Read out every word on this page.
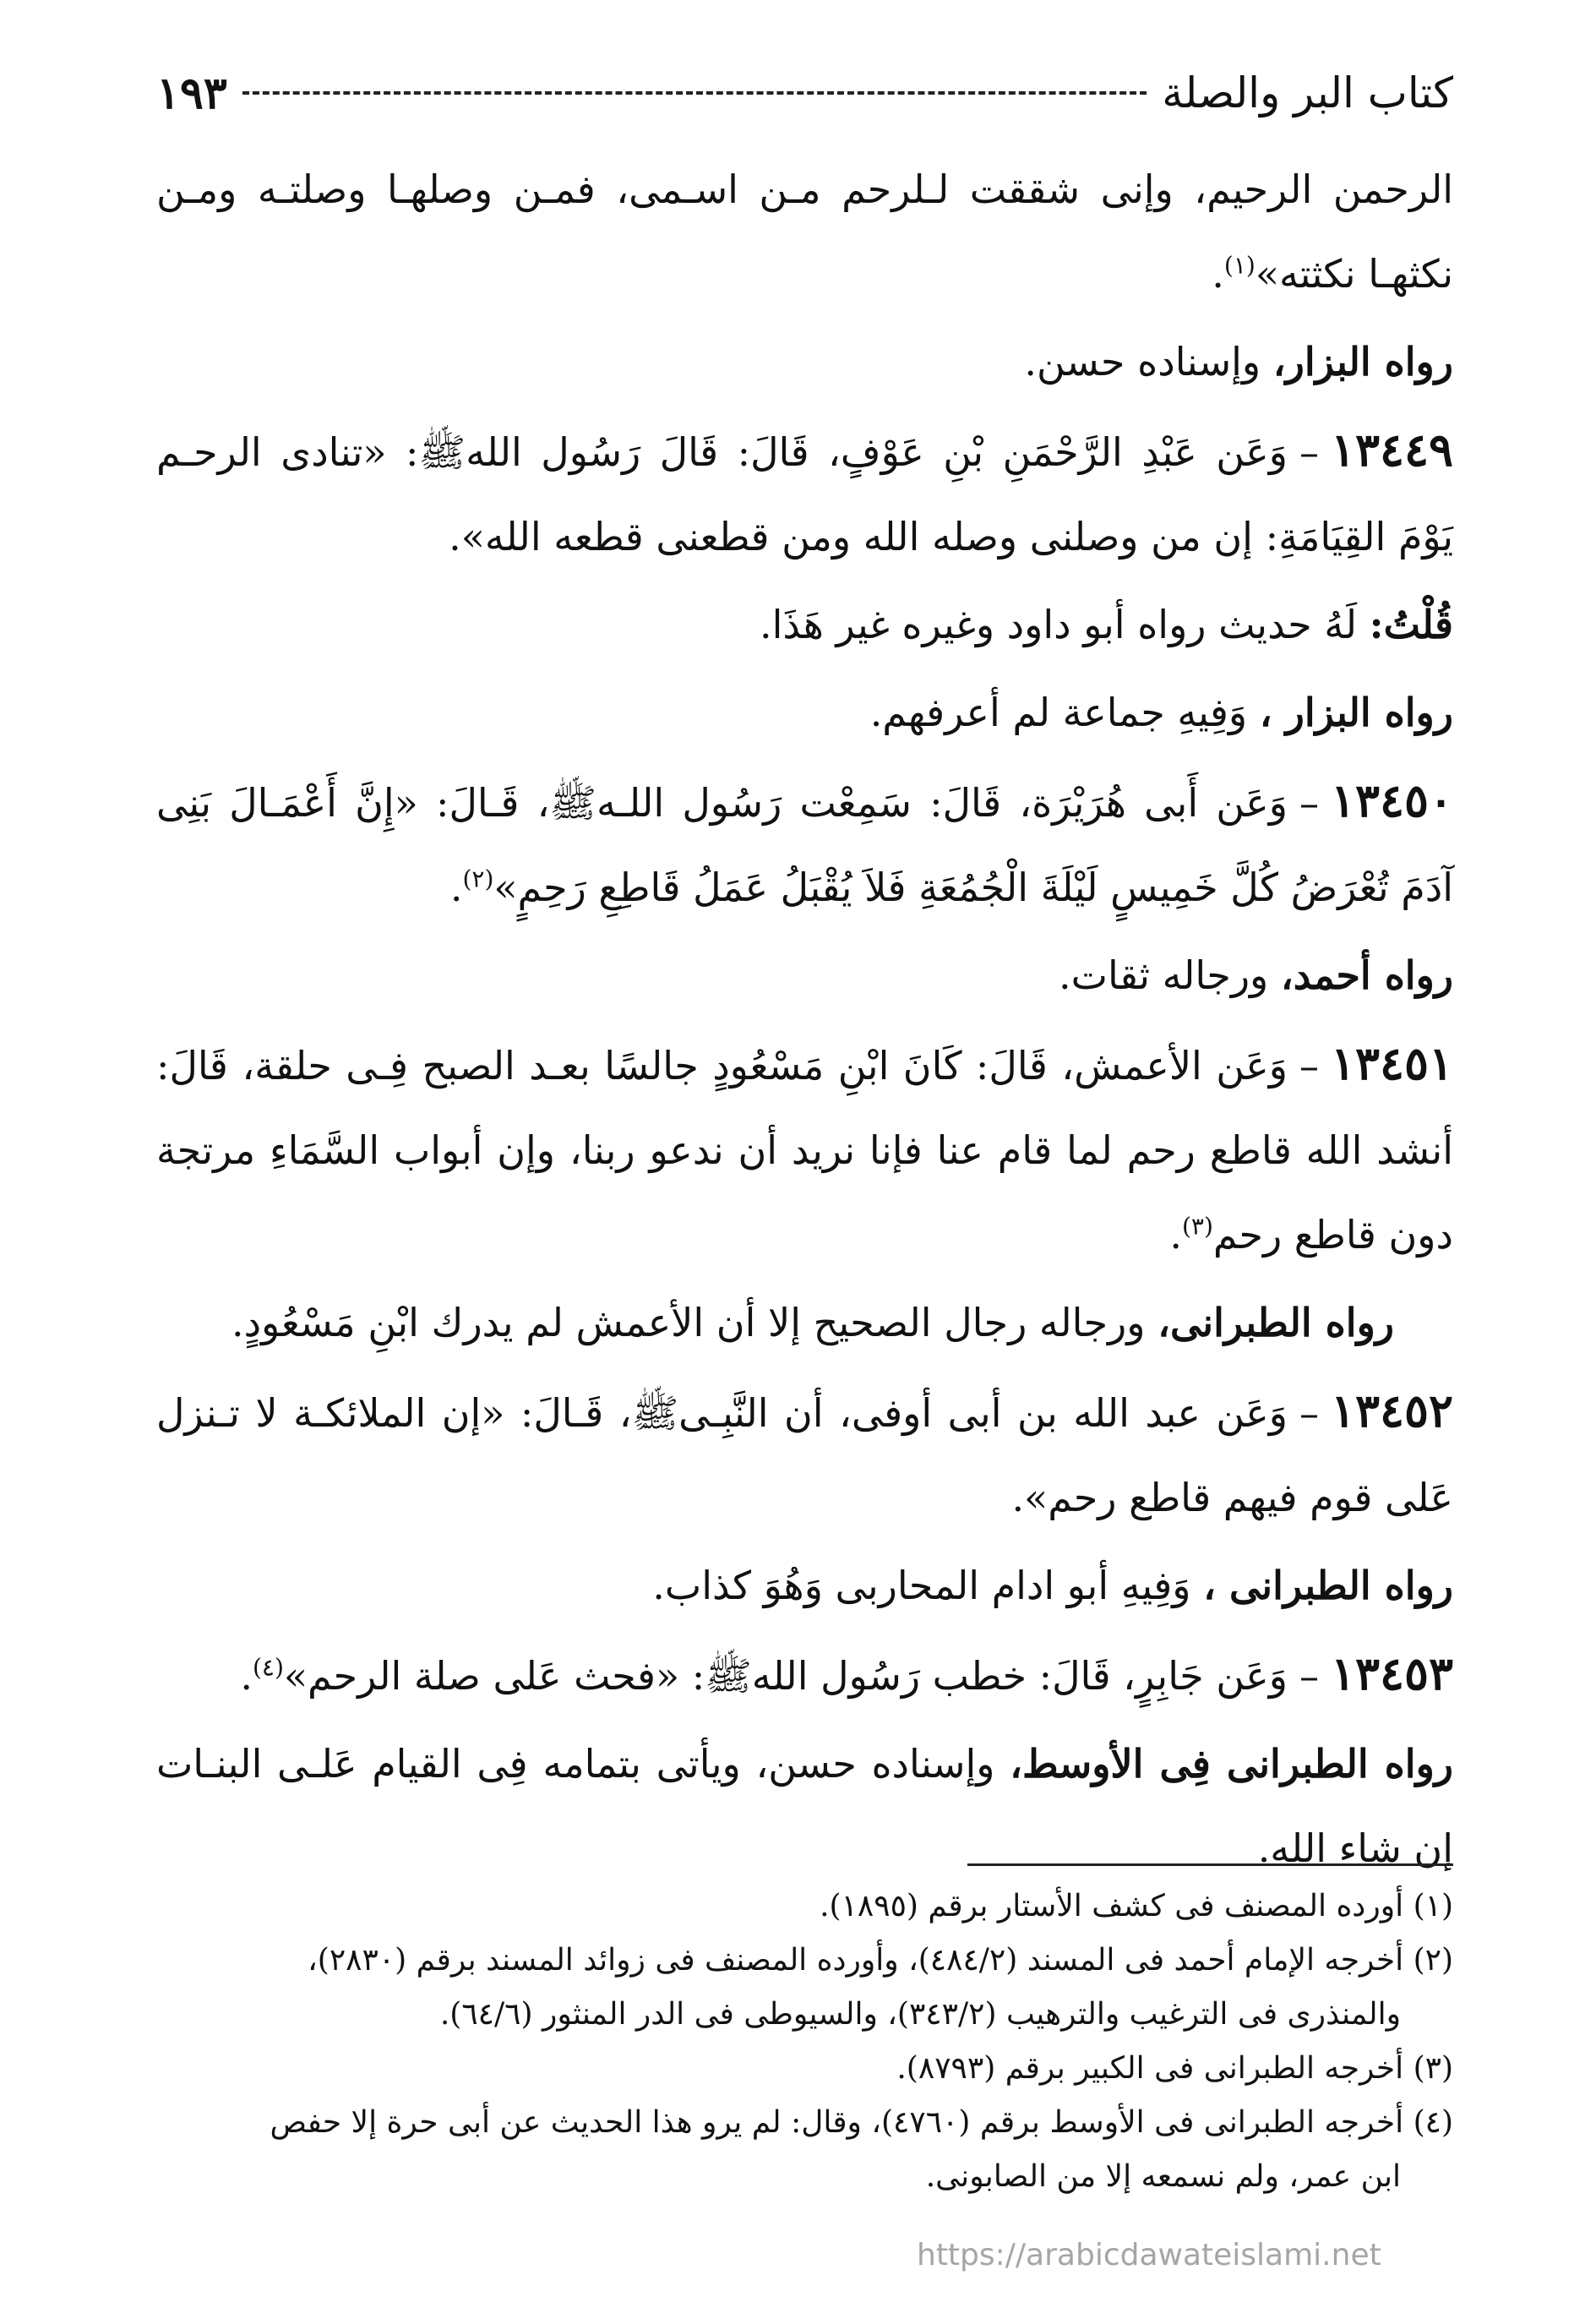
كتاب البر والصلة
١٩٣

الرحمن الرحيم، وإنى شققت لـلرحم مـن اسـمى، فمـن وصلهـا وصلتـه ومـن نكثهـا نكثته»$^{(١)}$.

رواه البزار، وإسناده حسن.

١٣٤٤٩–وَعَن عَبْدِ الرَّحْمَنِ بْنِ عَوْفٍ، قَالَ: قَالَ رَسُول اللهﷺ: «تنادى الرحـم يَوْمَ القِيَامَةِ: إن من وصلنى وصله الله ومن قطعنى قطعه الله».

قُلْتُ: لَهُ حديث رواه أبو داود وغيره غير هَذَا.

رواه البزار ، وَفِيهِ جماعة لم أعرفهم.

١٣٤٥٠–وَعَن أَبى هُرَيْرَة، قَالَ: سَمِعْت رَسُول اللـهﷺ، قَـالَ: «إِنَّ أَعْمَـالَ بَنِى آدَمَ تُعْرَضُ كُلَّ خَمِيسٍ لَيْلَةَ الْجُمُعَةِ فَلاَ يُقْبَلُ عَمَلُ قَاطِعِ رَحِمٍ»$^{(٢)}$.

رواه أحمد، ورجاله ثقات.

١٣٤٥١–وَعَن الأعمش، قَالَ: كَانَ ابْنِ مَسْعُودٍ جالسًا بعـد الصبح فِـى حلقة، قَالَ: أنشد الله قاطع رحم لما قام عنا فإنا نريد أن ندعو ربنا، وإن أبواب السَّمَاءِ مرتجة دون قاطع رحم$^{(٣)}$.

رواه الطبرانى، ورجاله رجال الصحيح إلا أن الأعمش لم يدرك ابْنِ مَسْعُودٍ.

١٣٤٥٢–وَعَن عبد الله بن أبى أوفى، أن النَّبِـىﷺ، قَـالَ: «إن الملائكـة لا تـنزل عَلى قوم فيهم قاطع رحم».

رواه الطبرانى ، وَفِيهِ أبو ادام المحاربى وَهُوَ كذاب.

١٣٤٥٣–وَعَن جَابِرٍ، قَالَ: خطب رَسُول اللهﷺ: «فحث عَلى صلة الرحم»$^{(٤)}$.

رواه الطبرانى فِى الأوسط، وإسناده حسن، ويأتى بتمامه فِى القيام عَلـى البنـات إن شاء الله.

(١) أورده المصنف فى كشف الأستار برقم (١٨٩٥).

(٢) أخرجه الإمام أحمد فى المسند (٤٨٤/٢)، وأورده المصنف فى زوائد المسند برقم (٢٨٣٠)،
والمنذرى فى الترغيب والترهيب (٣٤٣/٢)، والسيوطى فى الدر المنثور (٦٤/٦).

(٣) أخرجه الطبرانى فى الكبير برقم (٨٧٩٣).

(٤) أخرجه الطبرانى فى الأوسط برقم (٤٧٦٠)، وقال: لم يرو هذا الحديث عن أبى حرة إلا حفص
ابن عمر، ولم نسمعه إلا من الصابونى.

https://arabicdawateislami.net
